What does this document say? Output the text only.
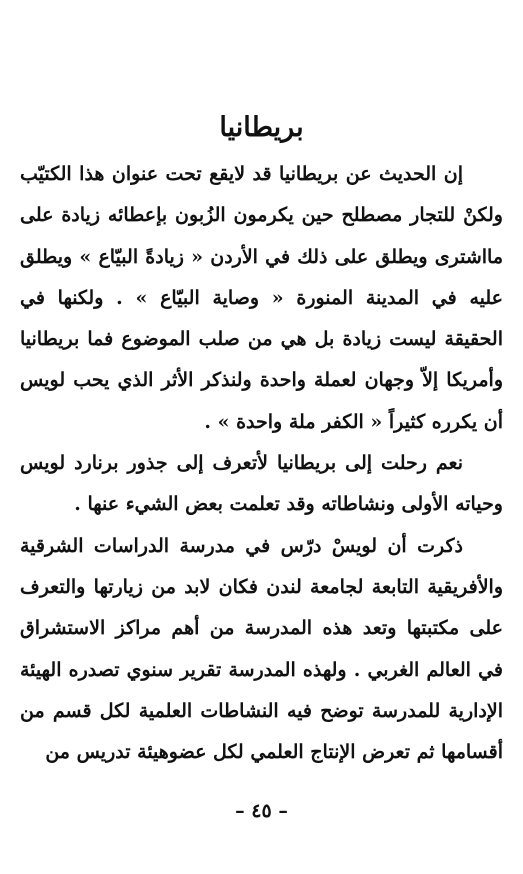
بريطانيا

إن الحديث عن بريطانيا قد لايقع تحت عنوان هذا الكتيّب ولكنْ للتجار مصطلح حين يكرمون الزُبون بإعطائه زيادة على مااشترى ويطلق على ذلك في الأردن « زيادةً البيّاع » ويطلق عليه في المدينة المنورة « وصاية البيّاع » . ولكنها في الحقيقة ليست زيادة بل هي من صلب الموضوع فما بريطانيا وأمريكا إلاّ وجهان لعملة واحدة ولنذكر الأثر الذي يحب لويس أن يكرره كثيراً « الكفر ملة واحدة » .

نعم رحلت إلى بريطانيا لأتعرف إلى جذور برنارد لويس وحياته الأولى ونشاطاته وقد تعلمت بعض الشيء عنها .

ذكرت أن لويسْ درّس في مدرسة الدراسات الشرقية والأفريقية التابعة لجامعة لندن فكان لابد من زيارتها والتعرف على مكتبتها وتعد هذه المدرسة من أهم مراكز الاستشراق في العالم الغربي . ولهذه المدرسة تقرير سنوي تصدره الهيئة الإدارية للمدرسة توضح فيه النشاطات العلمية لكل قسم من أقسامها ثم تعرض الإنتاج العلمي لكل عضوهيئة تدريس من

– ٤٥ –
